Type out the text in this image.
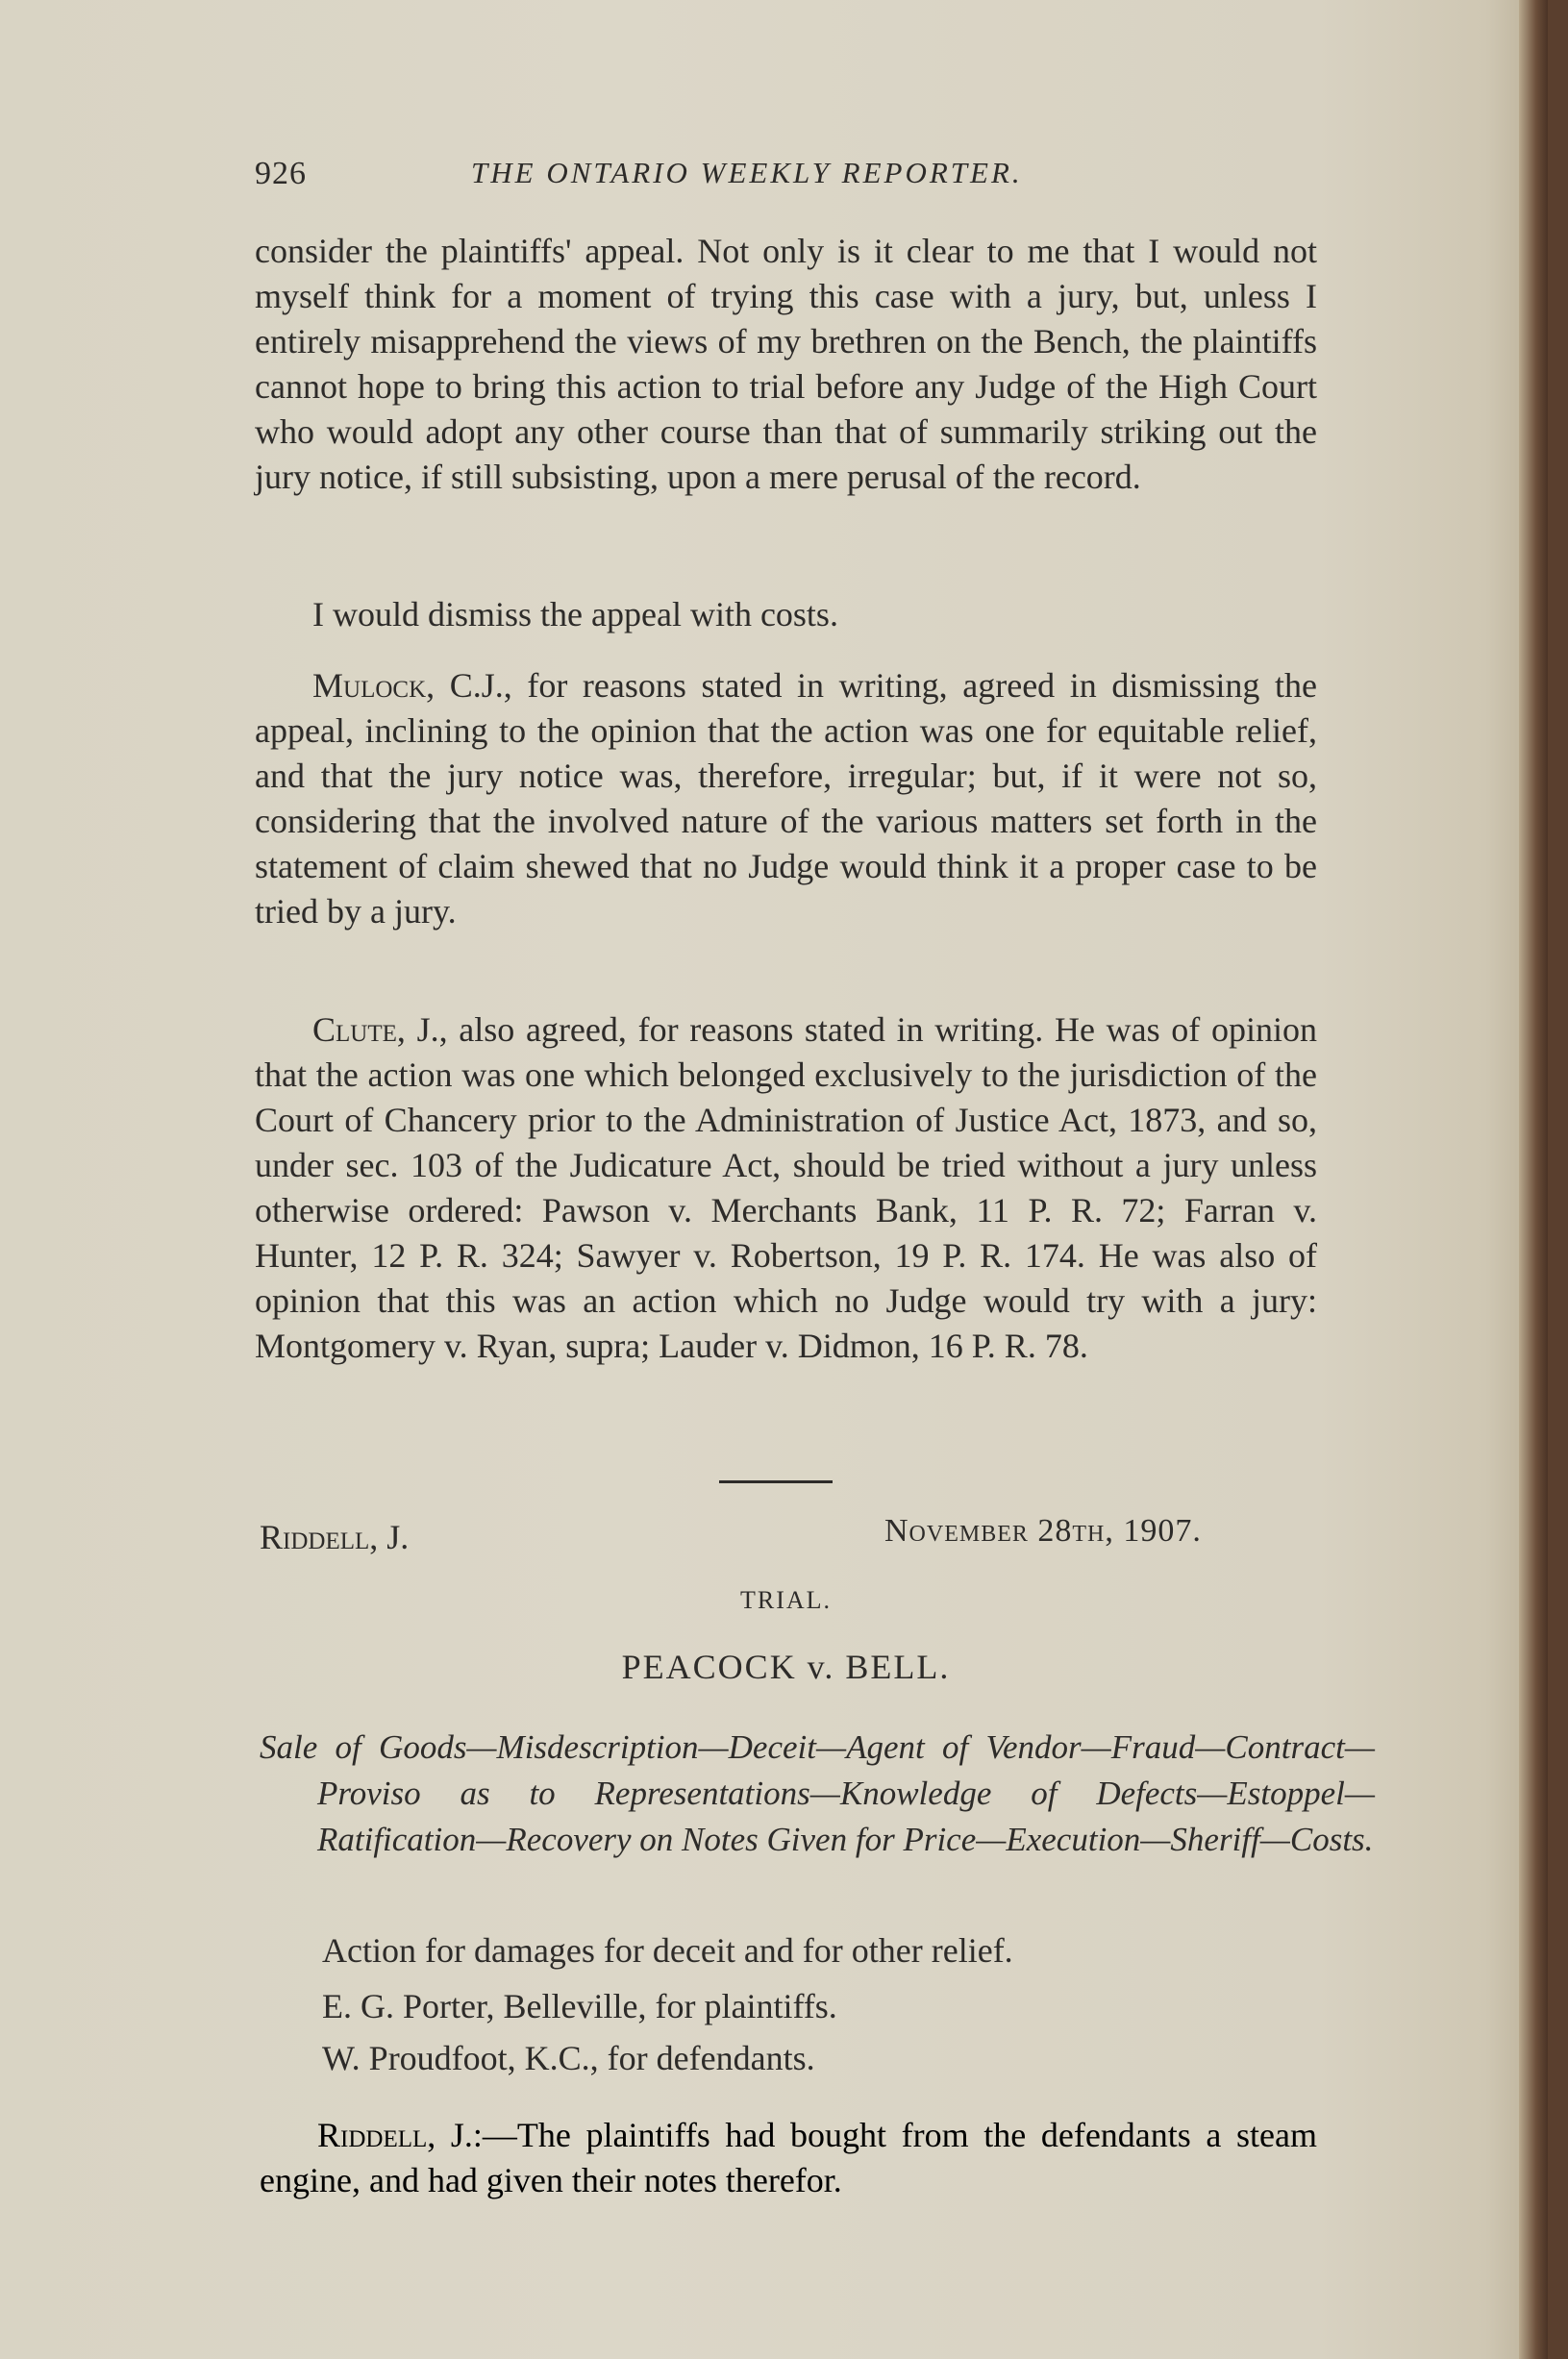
926	THE ONTARIO WEEKLY REPORTER.

consider the plaintiffs' appeal. Not only is it clear to me that I would not myself think for a moment of trying this case with a jury, but, unless I entirely misapprehend the views of my brethren on the Bench, the plaintiffs cannot hope to bring this action to trial before any Judge of the High Court who would adopt any other course than that of summarily striking out the jury notice, if still subsisting, upon a mere perusal of the record.

I would dismiss the appeal with costs.

Mulock, C.J., for reasons stated in writing, agreed in dismissing the appeal, inclining to the opinion that the action was one for equitable relief, and that the jury notice was, therefore, irregular; but, if it were not so, considering that the involved nature of the various matters set forth in the statement of claim shewed that no Judge would think it a proper case to be tried by a jury.

Clute, J., also agreed, for reasons stated in writing. He was of opinion that the action was one which belonged exclusively to the jurisdiction of the Court of Chancery prior to the Administration of Justice Act, 1873, and so, under sec. 103 of the Judicature Act, should be tried without a jury unless otherwise ordered: Pawson v. Merchants Bank, 11 P. R. 72; Farran v. Hunter, 12 P. R. 324; Sawyer v. Robertson, 19 P. R. 174. He was also of opinion that this was an action which no Judge would try with a jury: Montgomery v. Ryan, supra; Lauder v. Didmon, 16 P. R. 78.

Riddell, J.	November 28th, 1907.
TRIAL.
PEACOCK v. BELL.
Sale of Goods—Misdescription—Deceit—Agent of Vendor—Fraud—Contract—Proviso as to Representations—Knowledge of Defects—Estoppel—Ratification—Recovery on Notes Given for Price—Execution—Sheriff—Costs.
Action for damages for deceit and for other relief.
E. G. Porter, Belleville, for plaintiffs.
W. Proudfoot, K.C., for defendants.

Riddell, J.:—The plaintiffs had bought from the defendants a steam engine, and had given their notes therefor.
